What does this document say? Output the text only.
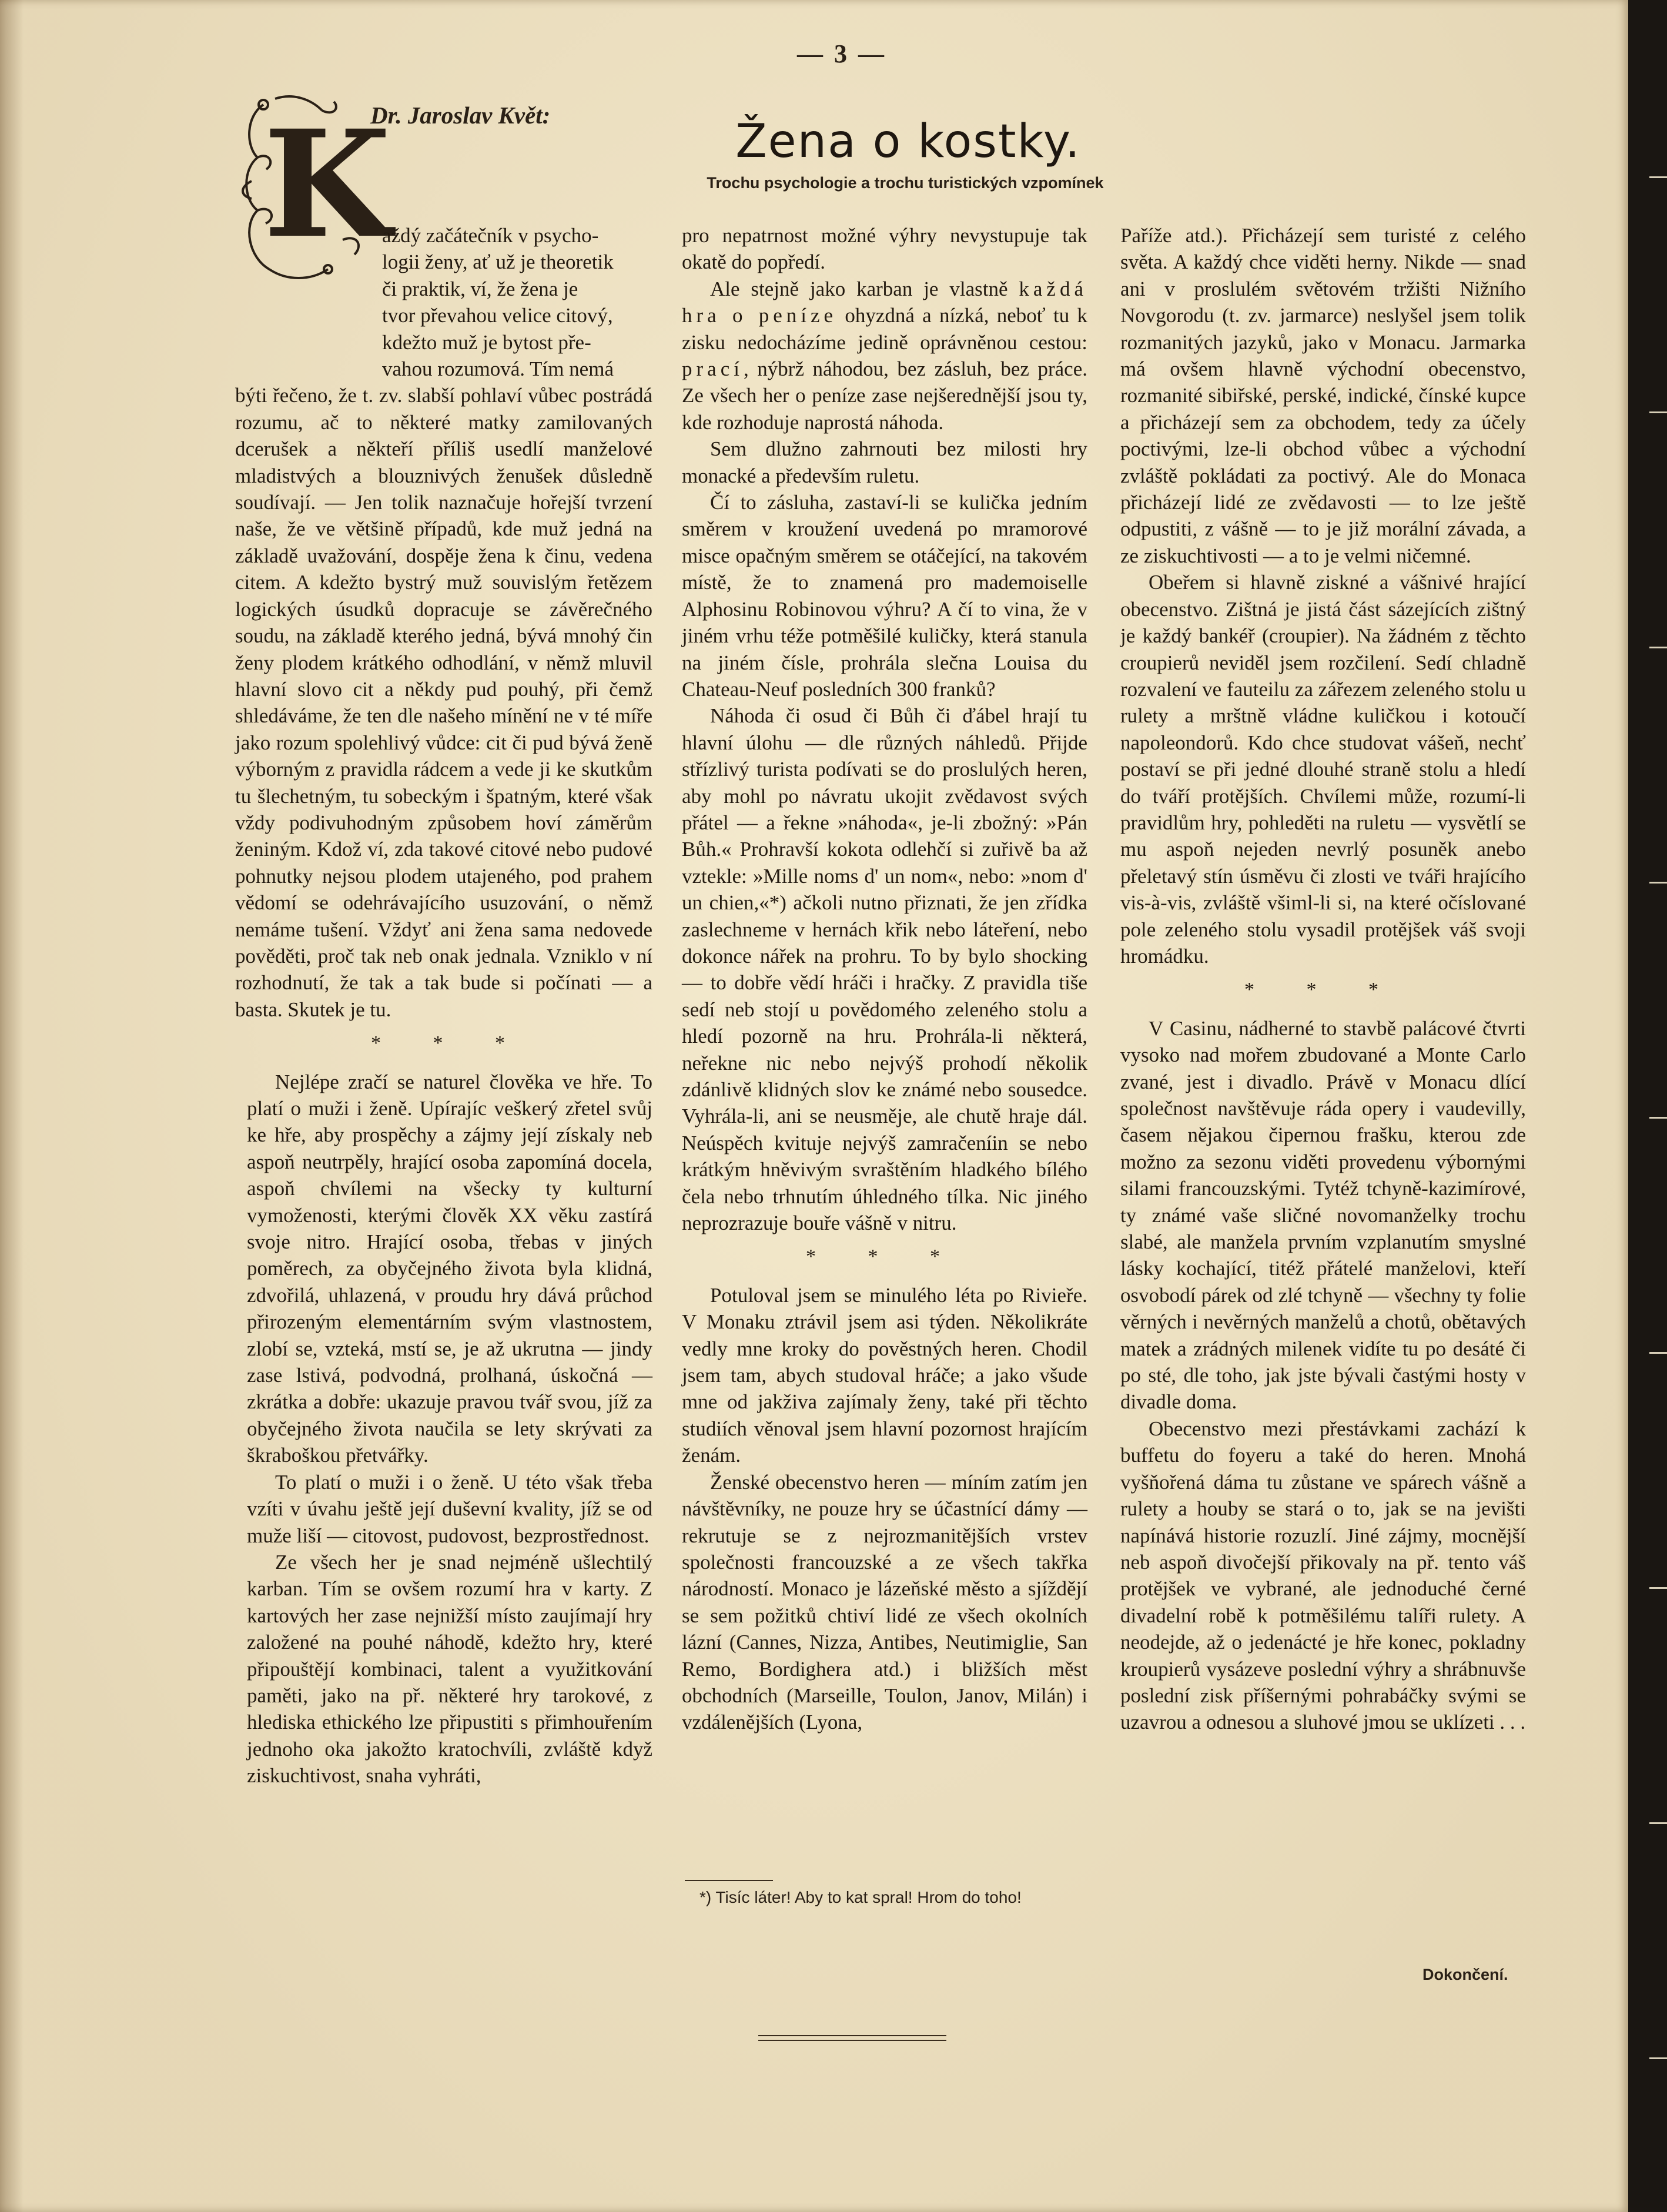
— 3 —
Dr. Jaroslav Květ:	Žena o kostky.
Trochu psychologie a trochu turistických vzpomínek
K
aždý začátečník v psycho-
logii ženy, ať už je theoretik
či praktik, ví, že žena je
tvor převahou velice citový,
kdežto muž je bytost pře-
vahou rozumová. Tím nemá

býti řečeno, že t. zv. slabší pohlaví vůbec postrádá rozumu, ač to některé matky zamilovaných dcerušek a někteří příliš usedlí manželové mladistvých a blouznivých ženušek důsledně soudívají. — Jen tolik naznačuje hořejší tvrzení naše, že ve většině případů, kde muž jedná na základě uvažování, dospěje žena k činu, vedena citem. A kdežto bystrý muž souvislým řetězem logických úsudků dopracuje se závěrečného soudu, na základě kterého jedná, bývá mnohý čin ženy plodem krátkého odhodlání, v němž mluvil hlavní slovo cit a někdy pud pouhý, při čemž shledáváme, že ten dle našeho mínění ne v té míře jako rozum spolehlivý vůdce: cit či pud bývá ženě výborným z pravidla rádcem a vede ji ke skutkům tu šlechetným, tu sobeckým i špatným, které však vždy podivuhodným způsobem hoví záměrům ženiným. Kdož ví, zda takové citové nebo pudové pohnutky nejsou plodem utajeného, pod prahem vědomí se odehrávajícího usuzování, o němž nemáme tušení. Vždyť ani žena sama nedovede pověděti, proč tak neb onak jednala. Vzniklo v ní rozhodnutí, že tak a tak bude si počínati — a basta. Skutek je tu.

* * *

Nejlépe zračí se naturel člověka ve hře. To platí o muži i ženě. Upírajíc veškerý zřetel svůj ke hře, aby prospěchy a zájmy její získaly neb aspoň neutrpěly, hrající osoba zapomíná docela, aspoň chvílemi na všecky ty kulturní vymoženosti, kterými člověk XX věku zastírá svoje nitro. Hrající osoba, třebas v jiných poměrech, za obyčejného života byla klidná, zdvořilá, uhlazená, v proudu hry dává průchod přirozeným elementárním svým vlastnostem, zlobí se, vzteká, mstí se, je až ukrutna — jindy zase lstivá, podvodná, prolhaná, úskočná — zkrátka a dobře: ukazuje pravou tvář svou, jíž za obyčejného života naučila se lety skrývati za škraboškou přetvářky.

To platí o muži i o ženě. U této však třeba vzíti v úvahu ještě její duševní kvality, jíž se od muže liší — citovost, pudovost, bezprostřednost.

Ze všech her je snad nejméně ušlechtilý karban. Tím se ovšem rozumí hra v karty. Z kartových her zase nejnižší místo zaujímají hry založené na pouhé náhodě, kdežto hry, které připouštějí kombinaci, talent a využitkování paměti, jako na př. některé hry tarokové, z hlediska ethického lze připustiti s přimhouřením jednoho oka jakožto kratochvíli, zvláště když ziskuchtivost, snaha vyhráti,

pro nepatrnost možné výhry nevystupuje tak okatě do popředí.

Ale stejně jako karban je vlastně každá hra o peníze ohyzdná a nízká, neboť tu k zisku nedocházíme jedině oprávněnou cestou: prací, nýbrž náhodou, bez zásluh, bez práce. Ze všech her o peníze zase nejšerednější jsou ty, kde rozhoduje naprostá náhoda.

Sem dlužno zahrnouti bez milosti hry monacké a především ruletu.

Čí to zásluha, zastaví-li se kulička jedním směrem v kroužení uvedená po mramorové misce opačným směrem se otáčející, na takovém místě, že to znamená pro mademoiselle Alphosinu Robinovou výhru? A čí to vina, že v jiném vrhu téže potměšilé kuličky, která stanula na jiném čísle, prohrála slečna Louisa du Chateau-Neuf posledních 300 franků?

Náhoda či osud či Bůh či ďábel hrají tu hlavní úlohu — dle různých náhledů. Přijde střízlivý turista podívati se do proslulých heren, aby mohl po návratu ukojit zvědavost svých přátel — a řekne »náhoda«, je-li zbožný: »Pán Bůh.« Prohravší kokota odlehčí si zuřivě ba až vztekle: »Mille noms d' un nom«, nebo: »nom d' un chien,«*) ačkoli nutno přiznati, že jen zřídka zaslechneme v hernách křik nebo láteření, nebo dokonce nářek na prohru. To by bylo shocking — to dobře vědí hráči i hračky. Z pravidla tiše sedí neb stojí u povědomého zeleného stolu a hledí pozorně na hru. Prohrála-li některá, neřekne nic nebo nejvýš prohodí několik zdánlivě klidných slov ke známé nebo sousedce. Vyhrála-li, ani se neusměje, ale chutě hraje dál. Neúspěch kvituje nejvýš zamračeníin se nebo krátkým hněvivým svraštěním hladkého bílého čela nebo trhnutím úhledného tílka. Nic jiného neprozrazuje bouře vášně v nitru.

* * *

Potuloval jsem se minulého léta po Rivieře. V Monaku ztrávil jsem asi týden. Několikráte vedly mne kroky do pověstných heren. Chodil jsem tam, abych studoval hráče; a jako všude mne od jakživa zajímaly ženy, také při těchto studiích věnoval jsem hlavní pozornost hrajícím ženám.

Ženské obecenstvo heren — míním zatím jen návštěvníky, ne pouze hry se účastnící dámy — rekrutuje se z nejrozmanitějších vrstev společnosti francouzské a ze všech takřka národností. Monaco je lázeňské město a sjíždějí se sem požitků chtiví lidé ze všech okolních lázní (Cannes, Nizza, Antibes, Neutimiglie, San Remo, Bordighera atd.) i bližších měst obchodních (Marseille, Toulon, Janov, Milán) i vzdálenějších (Lyona,

*) Tisíc láter! Aby to kat spral! Hrom do toho!

Paříže atd.). Přicházejí sem turisté z celého světa. A každý chce viděti herny. Nikde — snad ani v proslulém světovém tržišti Nižního Novgorodu (t. zv. jarmarce) neslyšel jsem tolik rozmanitých jazyků, jako v Monacu. Jarmarka má ovšem hlavně východní obecenstvo, rozmanité sibiřské, perské, indické, čínské kupce a přicházejí sem za obchodem, tedy za účely poctivými, lze-li obchod vůbec a východní zvláště pokládati za poctivý. Ale do Monaca přicházejí lidé ze zvědavosti — to lze ještě odpustiti, z vášně — to je již morální závada, a ze ziskuchtivosti — a to je velmi ničemné.

Obeřem si hlavně ziskné a vášnivé hrající obecenstvo. Zištná je jistá část sázejících zištný je každý bankéř (croupier). Na žádném z těchto croupierů neviděl jsem rozčilení. Sedí chladně rozvalení ve fauteilu za zářezem zeleného stolu u rulety a mrštně vládne kuličkou i kotoučí napoleondorů. Kdo chce studovat vášeň, nechť postaví se při jedné dlouhé straně stolu a hledí do tváří protějších. Chvílemi může, rozumí-li pravidlům hry, pohleděti na ruletu — vysvětlí se mu aspoň nejeden nevrlý posuněk anebo přeletavý stín úsměvu či zlosti ve tváři hrajícího vis-à-vis, zvláště všiml-li si, na které očíslované pole zeleného stolu vysadil protějšek váš svoji hromádku.

* * *

V Casinu, nádherné to stavbě palácové čtvrti vysoko nad mořem zbudované a Monte Carlo zvané, jest i divadlo. Právě v Monacu dlící společnost navštěvuje ráda opery i vaudevilly, časem nějakou čipernou frašku, kterou zde možno za sezonu viděti provedenu výbornými silami francouzskými. Tytéž tchyně-kazimírové, ty známé vaše sličné novomanželky trochu slabé, ale manžela prvním vzplanutím smyslné lásky kochající, titéž přátelé manželovi, kteří osvobodí párek od zlé tchyně — všechny ty folie věrných i nevěrných manželů a chotů, obětavých matek a zrádných milenek vidíte tu po desáté či po sté, dle toho, jak jste bývali častými hosty v divadle doma.

Obecenstvo mezi přestávkami zachází k buffetu do foyeru a také do heren. Mnohá vyšňořená dáma tu zůstane ve spárech vášně a rulety a houby se stará o to, jak se na jevišti napínává historie rozuzlí. Jiné zájmy, mocnější neb aspoň divočejší přikovaly na př. tento váš protějšek ve vybrané, ale jednoduché černé divadelní robě k potměšilému talíři rulety. A neodejde, až o jedenácté je hře konec, pokladny kroupierů vysázeve poslední výhry a shrábnuvše poslední zisk příšernými pohrabáčky svými se uzavrou a odnesou a sluhové jmou se uklízeti . . .

Dokončení.
